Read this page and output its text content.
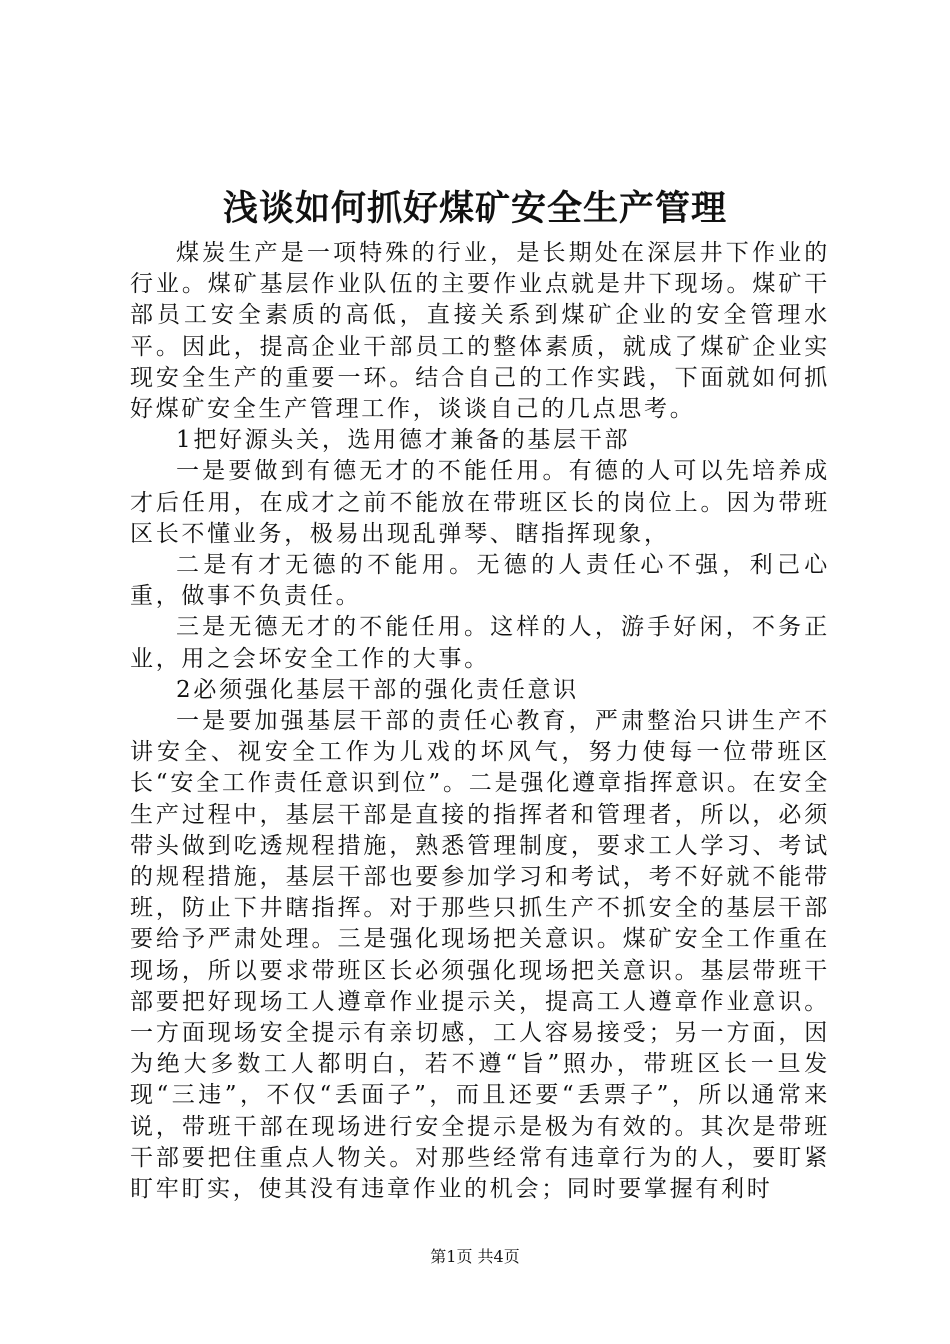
浅谈如何抓好煤矿安全生产管理

煤炭生产是一项特殊的行业，是长期处在深层井下作业的行业。煤矿基层作业队伍的主要作业点就是井下现场。煤矿干部员工安全素质的高低，直接关系到煤矿企业的安全管理水平。因此，提高企业干部员工的整体素质，就成了煤矿企业实现安全生产的重要一环。结合自己的工作实践，下面就如何抓好煤矿安全生产管理工作，谈谈自己的几点思考。

1把好源头关，选用德才兼备的基层干部

一是要做到有德无才的不能任用。有德的人可以先培养成才后任用，在成才之前不能放在带班区长的岗位上。因为带班区长不懂业务，极易出现乱弹琴、瞎指挥现象，

二是有才无德的不能用。无德的人责任心不强，利己心重，做事不负责任。

三是无德无才的不能任用。这样的人，游手好闲，不务正业，用之会坏安全工作的大事。

2必须强化基层干部的强化责任意识

一是要加强基层干部的责任心教育，严肃整治只讲生产不讲安全、视安全工作为儿戏的坏风气，努力使每一位带班区长“安全工作责任意识到位”。二是强化遵章指挥意识。在安全生产过程中，基层干部是直接的指挥者和管理者，所以，必须带头做到吃透规程措施，熟悉管理制度，要求工人学习、考试的规程措施，基层干部也要参加学习和考试，考不好就不能带班，防止下井瞎指挥。对于那些只抓生产不抓安全的基层干部要给予严肃处理。三是强化现场把关意识。煤矿安全工作重在现场，所以要求带班区长必须强化现场把关意识。基层带班干部要把好现场工人遵章作业提示关，提高工人遵章作业意识。一方面现场安全提示有亲切感，工人容易接受；另一方面，因为绝大多数工人都明白，若不遵“旨”照办，带班区长一旦发现“三违”，不仅“丢面子”，而且还要“丢票子”，所以通常来说，带班干部在现场进行安全提示是极为有效的。其次是带班干部要把住重点人物关。对那些经常有违章行为的人，要盯紧盯牢盯实，使其没有违章作业的机会；同时要掌握有利时

第1页 共4页
